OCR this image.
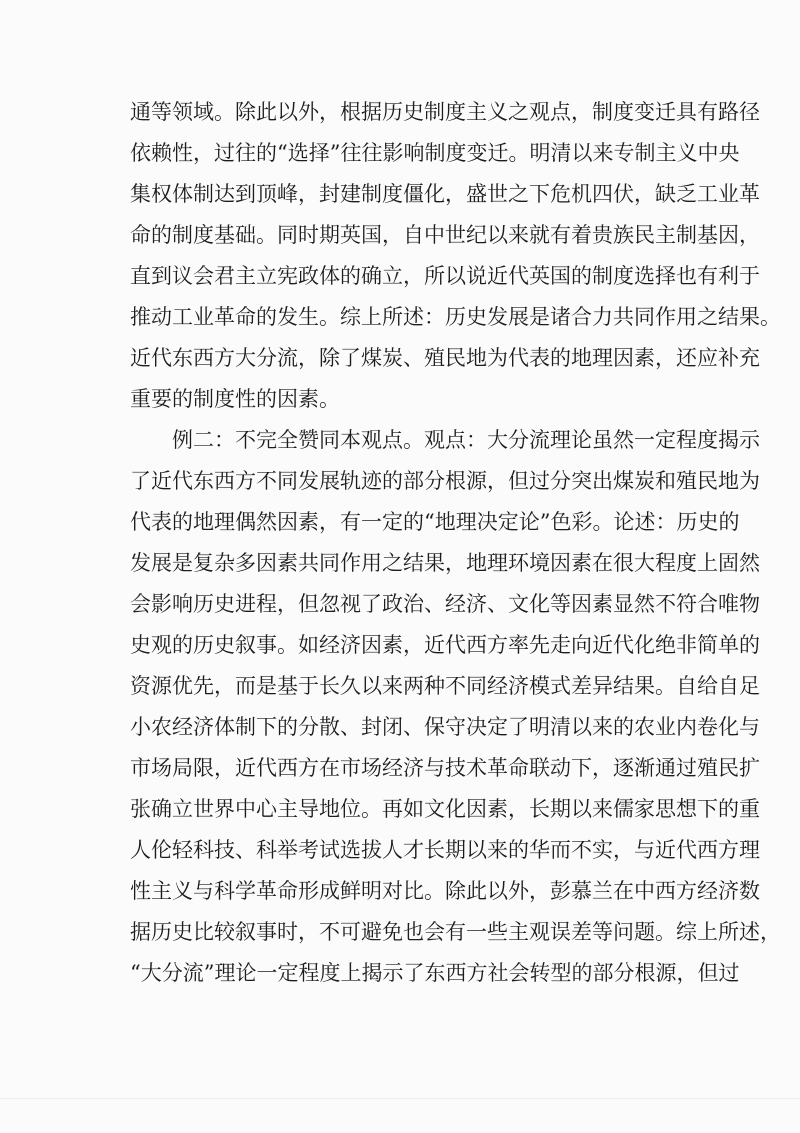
通等领域。除此以外，根据历史制度主义之观点，制度变迁具有路径
依赖性，过往的“选择”往往影响制度变迁。明清以来专制主义中央
集权体制达到顶峰，封建制度僵化，盛世之下危机四伏，缺乏工业革
命的制度基础。同时期英国，自中世纪以来就有着贵族民主制基因，
直到议会君主立宪政体的确立，所以说近代英国的制度选择也有利于
推动工业革命的发生。综上所述：历史发展是诸合力共同作用之结果。
近代东西方大分流，除了煤炭、殖民地为代表的地理因素，还应补充
重要的制度性的因素。
　　例二：不完全赞同本观点。观点：大分流理论虽然一定程度揭示
了近代东西方不同发展轨迹的部分根源，但过分突出煤炭和殖民地为
代表的地理偶然因素，有一定的“地理决定论”色彩。论述：历史的
发展是复杂多因素共同作用之结果，地理环境因素在很大程度上固然
会影响历史进程，但忽视了政治、经济、文化等因素显然不符合唯物
史观的历史叙事。如经济因素，近代西方率先走向近代化绝非简单的
资源优先，而是基于长久以来两种不同经济模式差异结果。自给自足
小农经济体制下的分散、封闭、保守决定了明清以来的农业内卷化与
市场局限，近代西方在市场经济与技术革命联动下，逐渐通过殖民扩
张确立世界中心主导地位。再如文化因素，长期以来儒家思想下的重
人伦轻科技、科举考试选拔人才长期以来的华而不实，与近代西方理
性主义与科学革命形成鲜明对比。除此以外，彭慕兰在中西方经济数
据历史比较叙事时，不可避免也会有一些主观误差等问题。综上所述，
“大分流”理论一定程度上揭示了东西方社会转型的部分根源，但过
